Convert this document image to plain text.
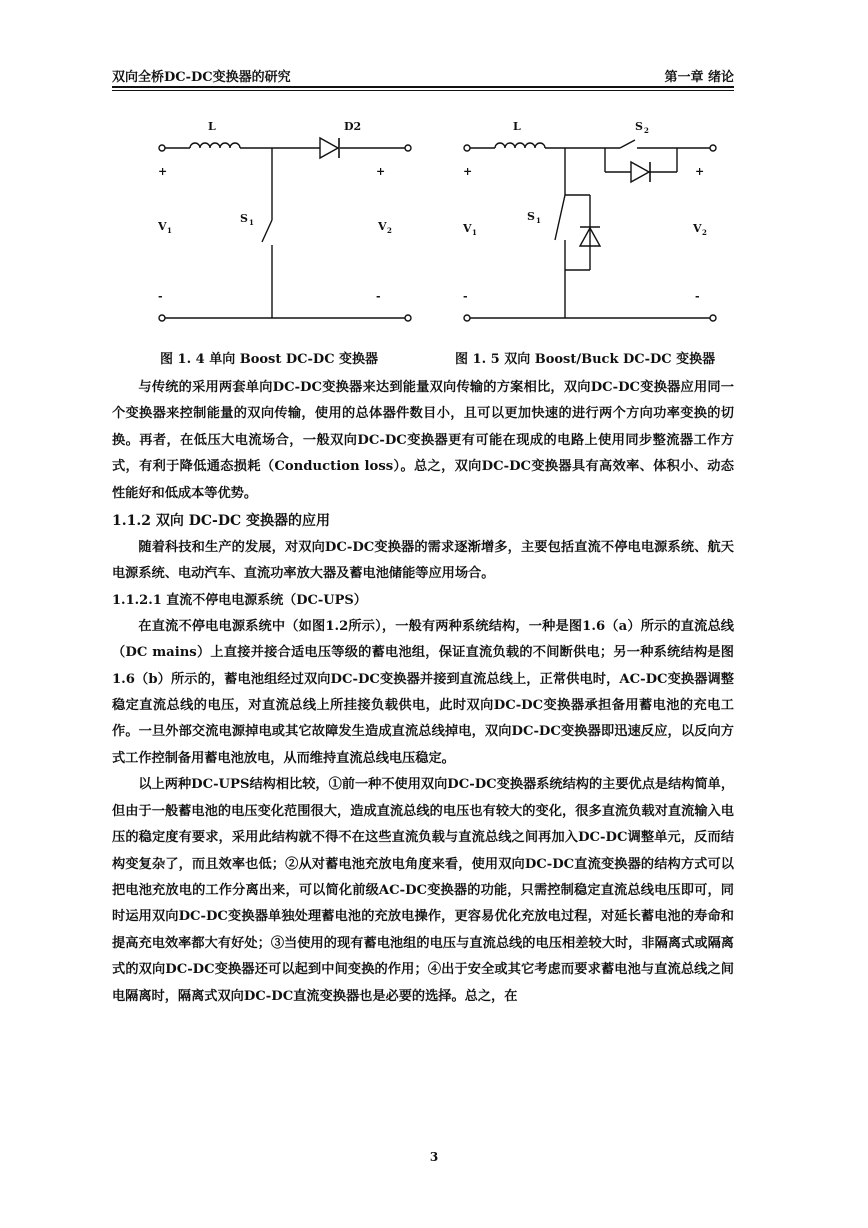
双向全桥DC-DC变换器的研究	第一章 绪论
L	D2
S 1
V 1	V 2
+	+
-	-
L	S 2
S 1
V 1	V 2
+	+
-	-
图 1. 4 单向 Boost DC-DC 变换器	图 1. 5 双向 Boost/Buck DC-DC 变换器

与传统的采用两套单向DC-DC变换器来达到能量双向传输的方案相比，双向DC-DC变换器应用同一个变换器来控制能量的双向传输，使用的总体器件数目小，且可以更加快速的进行两个方向功率变换的切换。再者，在低压大电流场合，一般双向DC-DC变换器更有可能在现成的电路上使用同步整流器工作方式，有利于降低通态损耗（Conduction loss）。总之，双向DC-DC变换器具有高效率、体积小、动态性能好和低成本等优势。

1.1.2 双向 DC-DC 变换器的应用

随着科技和生产的发展，对双向DC-DC变换器的需求逐渐增多，主要包括直流不停电电源系统、航天电源系统、电动汽车、直流功率放大器及蓄电池储能等应用场合。

1.1.2.1 直流不停电电源系统（DC-UPS）

在直流不停电电源系统中（如图1.2所示），一般有两种系统结构，一种是图1.6（a）所示的直流总线（DC mains）上直接并接合适电压等级的蓄电池组，保证直流负载的不间断供电；另一种系统结构是图1.6（b）所示的，蓄电池组经过双向DC-DC变换器并接到直流总线上，正常供电时，AC-DC变换器调整稳定直流总线的电压，对直流总线上所挂接负载供电，此时双向DC-DC变换器承担备用蓄电池的充电工作。一旦外部交流电源掉电或其它故障发生造成直流总线掉电，双向DC-DC变换器即迅速反应，以反向方式工作控制备用蓄电池放电，从而维持直流总线电压稳定。

以上两种DC-UPS结构相比较，①前一种不使用双向DC-DC变换器系统结构的主要优点是结构简单，但由于一般蓄电池的电压变化范围很大，造成直流总线的电压也有较大的变化，很多直流负载对直流输入电压的稳定度有要求，采用此结构就不得不在这些直流负载与直流总线之间再加入DC-DC调整单元，反而结构变复杂了，而且效率也低；②从对蓄电池充放电角度来看，使用双向DC-DC直流变换器的结构方式可以把电池充放电的工作分离出来，可以简化前级AC-DC变换器的功能，只需控制稳定直流总线电压即可，同时运用双向DC-DC变换器单独处理蓄电池的充放电操作，更容易优化充放电过程，对延长蓄电池的寿命和提高充电效率都大有好处；③当使用的现有蓄电池组的电压与直流总线的电压相差较大时，非隔离式或隔离式的双向DC-DC变换器还可以起到中间变换的作用；④出于安全或其它考虑而要求蓄电池与直流总线之间电隔离时，隔离式双向DC-DC直流变换器也是必要的选择。总之，在

3
